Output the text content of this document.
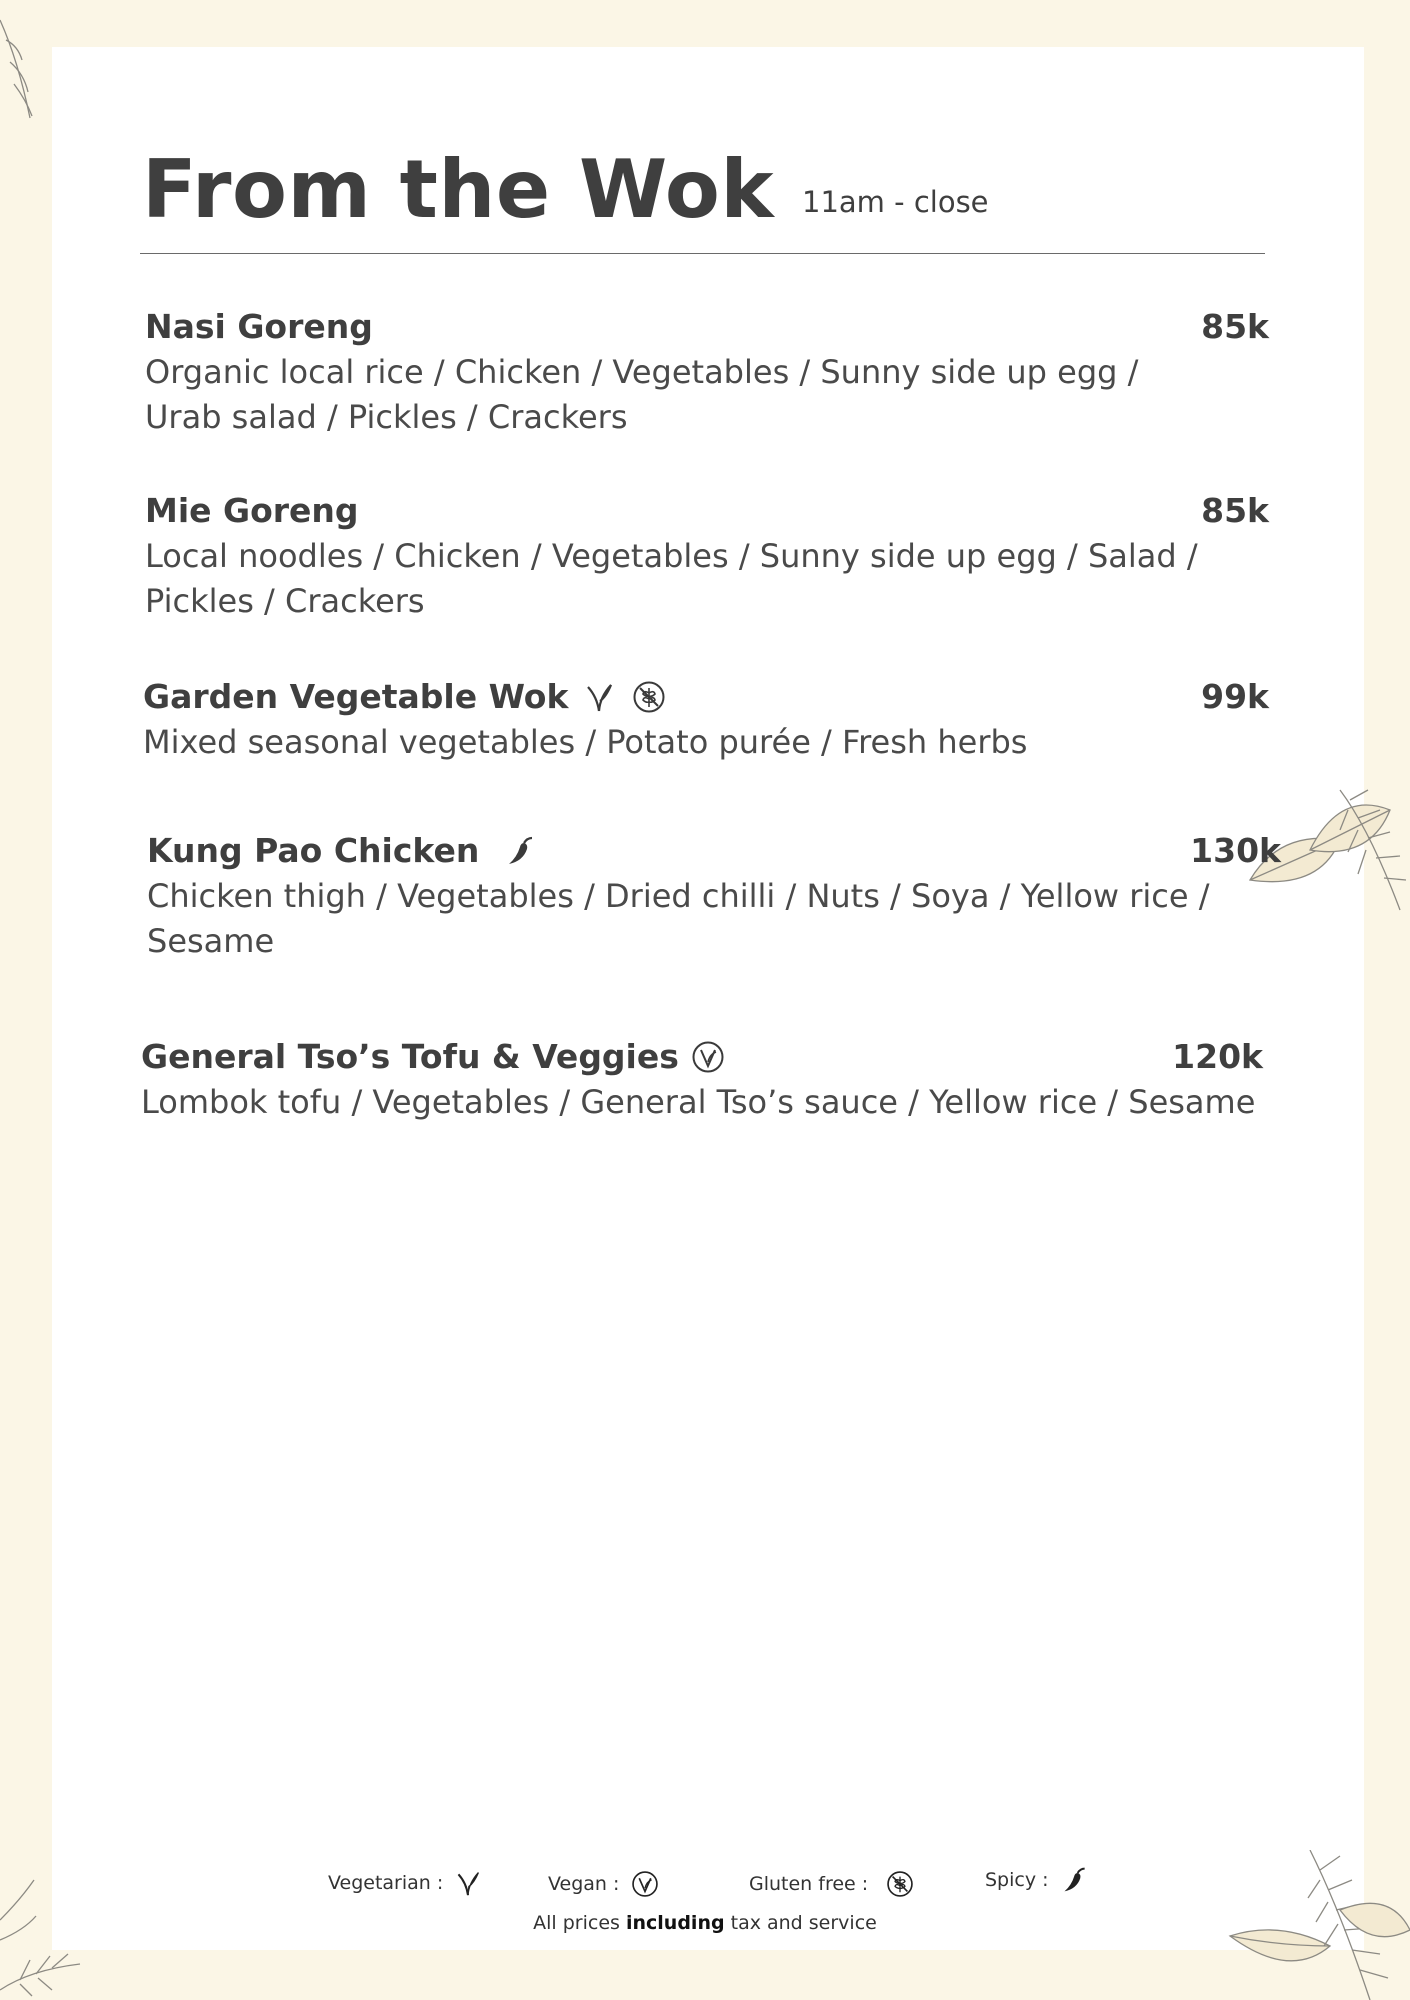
From the Wok 11am - close
Nasi Goreng	85k
Organic local rice / Chicken / Vegetables / Sunny side up egg /
Urab salad / Pickles / Crackers
Mie Goreng	85k
Local noodles / Chicken / Vegetables / Sunny side up egg / Salad /
Pickles / Crackers
Garden Vegetable Wok	99k
Mixed seasonal vegetables / Potato purée / Fresh herbs
Kung Pao Chicken	130k
Chicken thigh / Vegetables / Dried chilli / Nuts / Soya / Yellow rice /
Sesame
General Tso’s Tofu & Veggies	120k
Lombok tofu / Vegetables / General Tso’s sauce / Yellow rice / Sesame
Vegetarian :	Vegan :	Gluten free :	Spicy :
All prices including tax and service
